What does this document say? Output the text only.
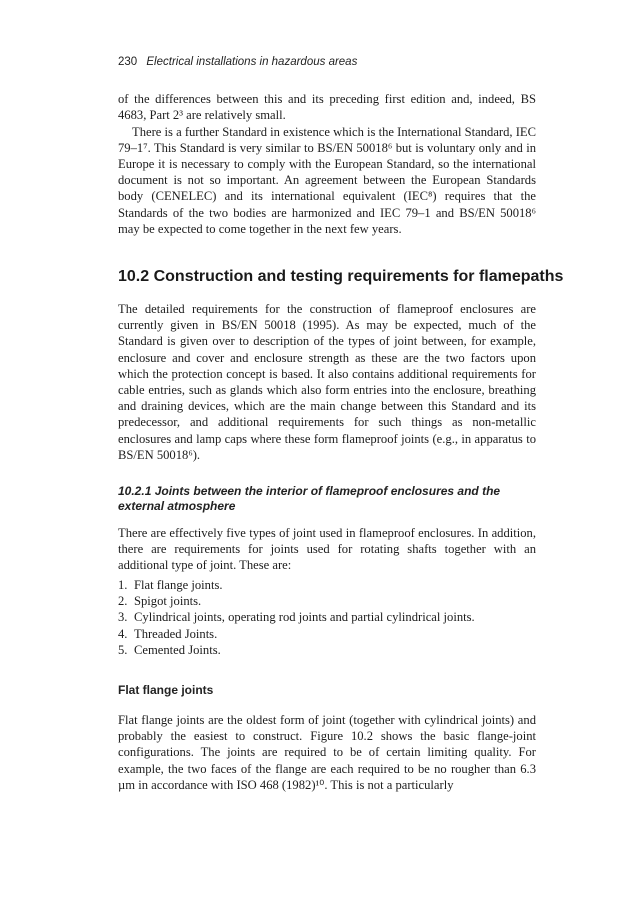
230 Electrical installations in hazardous areas

of the differences between this and its preceding first edition and, indeed, BS 4683, Part 2³ are relatively small.

There is a further Standard in existence which is the International Standard, IEC 79–1⁷. This Standard is very similar to BS/EN 50018⁶ but is voluntary only and in Europe it is necessary to comply with the European Standard, so the international document is not so important. An agreement between the European Standards body (CENELEC) and its international equivalent (IEC⁸) requires that the Standards of the two bodies are harmonized and IEC 79–1 and BS/EN 50018⁶ may be expected to come together in the next few years.

10.2 Construction and testing requirements for flamepaths

The detailed requirements for the construction of flameproof enclosures are currently given in BS/EN 50018 (1995). As may be expected, much of the Standard is given over to description of the types of joint between, for example, enclosure and cover and enclosure strength as these are the two factors upon which the protection concept is based. It also contains additional requirements for cable entries, such as glands which also form entries into the enclosure, breathing and draining devices, which are the main change between this Standard and its predecessor, and additional requirements for such things as non-metallic enclosures and lamp caps where these form flameproof joints (e.g., in apparatus to BS/EN 50018⁶).

10.2.1 Joints between the interior of flameproof enclosures and the external atmosphere

There are effectively five types of joint used in flameproof enclosures. In addition, there are requirements for joints used for rotating shafts together with an additional type of joint. These are:

1. Flat flange joints.
2. Spigot joints.
3. Cylindrical joints, operating rod joints and partial cylindrical joints.
4. Threaded Joints.
5. Cemented Joints.
Flat flange joints

Flat flange joints are the oldest form of joint (together with cylindrical joints) and probably the easiest to construct. Figure 10.2 shows the basic flange-joint configurations. The joints are required to be of certain limiting quality. For example, the two faces of the flange are each required to be no rougher than 6.3 µm in accordance with ISO 468 (1982)¹⁰. This is not a particularly
